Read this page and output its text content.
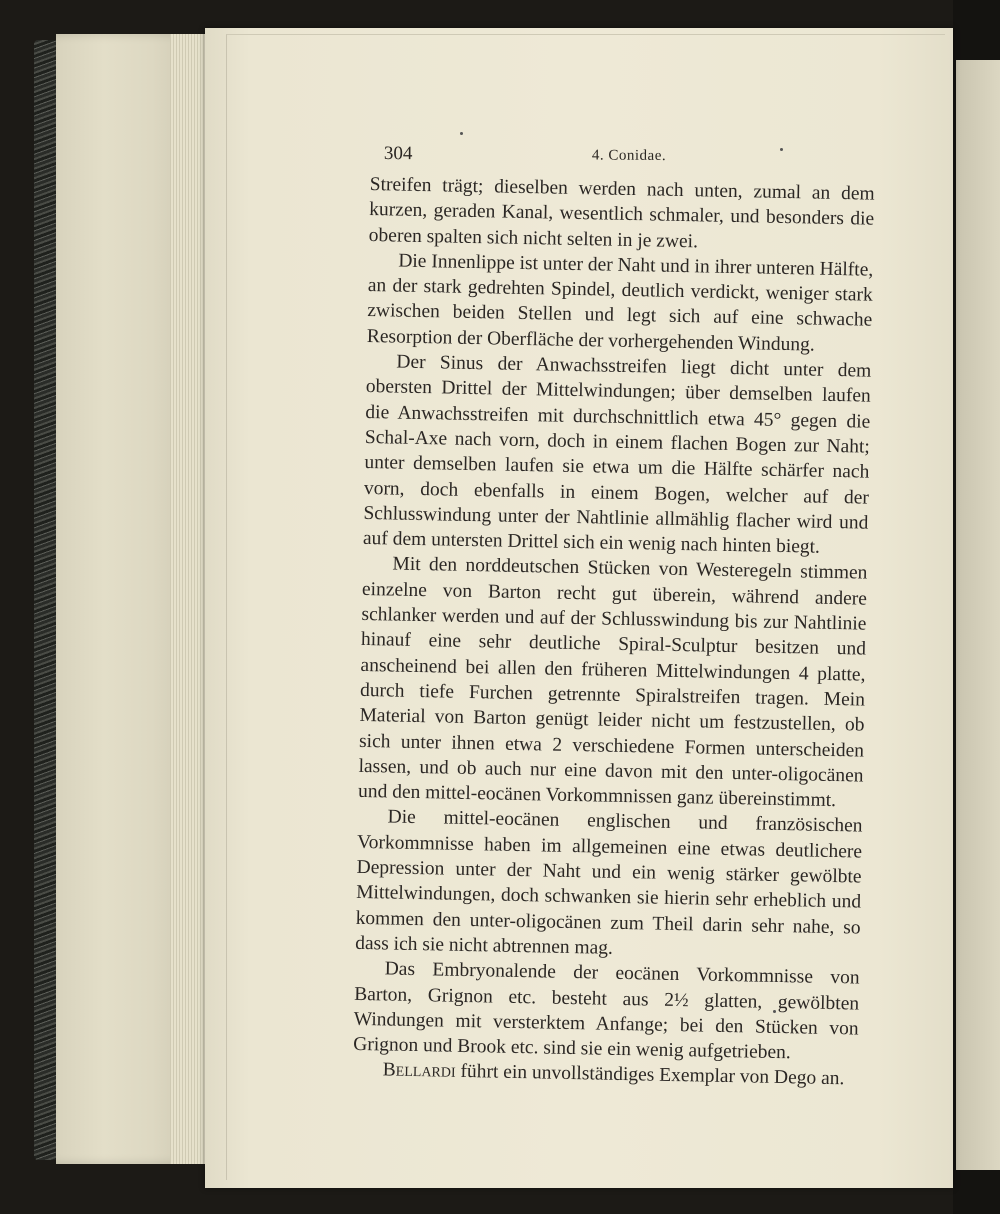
304	4. Conidae.

Streifen trägt; dieselben werden nach unten, zumal an dem kurzen, geraden Kanal, wesentlich schmaler, und besonders die oberen spalten sich nicht selten in je zwei.

Die Innenlippe ist unter der Naht und in ihrer unteren Hälfte, an der stark gedrehten Spindel, deutlich verdickt, weniger stark zwischen beiden Stellen und legt sich auf eine schwache Resorption der Oberfläche der vorhergehenden Windung.

Der Sinus der Anwachsstreifen liegt dicht unter dem obersten Drittel der Mittelwindungen; über demselben laufen die Anwachsstreifen mit durchschnittlich etwa 45° gegen die Schal-Axe nach vorn, doch in einem flachen Bogen zur Naht; unter demselben laufen sie etwa um die Hälfte schärfer nach vorn, doch ebenfalls in einem Bogen, welcher auf der Schlusswindung unter der Nahtlinie allmählig flacher wird und auf dem untersten Drittel sich ein wenig nach hinten biegt.

Mit den norddeutschen Stücken von Westeregeln stimmen einzelne von Barton recht gut überein, während andere schlanker werden und auf der Schlusswindung bis zur Nahtlinie hinauf eine sehr deutliche Spiral-Sculptur besitzen und anscheinend bei allen den früheren Mittelwindungen 4 platte, durch tiefe Furchen getrennte Spiralstreifen tragen. Mein Material von Barton genügt leider nicht um festzustellen, ob sich unter ihnen etwa 2 verschiedene Formen unterscheiden lassen, und ob auch nur eine davon mit den unter-oligocänen und den mittel-eocänen Vorkommnissen ganz übereinstimmt.

Die mittel-eocänen englischen und französischen Vorkommnisse haben im allgemeinen eine etwas deutlichere Depression unter der Naht und ein wenig stärker gewölbte Mittelwindungen, doch schwanken sie hierin sehr erheblich und kommen den unter-oligocänen zum Theil darin sehr nahe, so dass ich sie nicht abtrennen mag.

Das Embryonalende der eocänen Vorkommnisse von Barton, Grignon etc. besteht aus 2½ glatten, gewölbten Windungen mit versterktem Anfange; bei den Stücken von Grignon und Brook etc. sind sie ein wenig aufgetrieben.

Bellardi führt ein unvollständiges Exemplar von Dego an.
